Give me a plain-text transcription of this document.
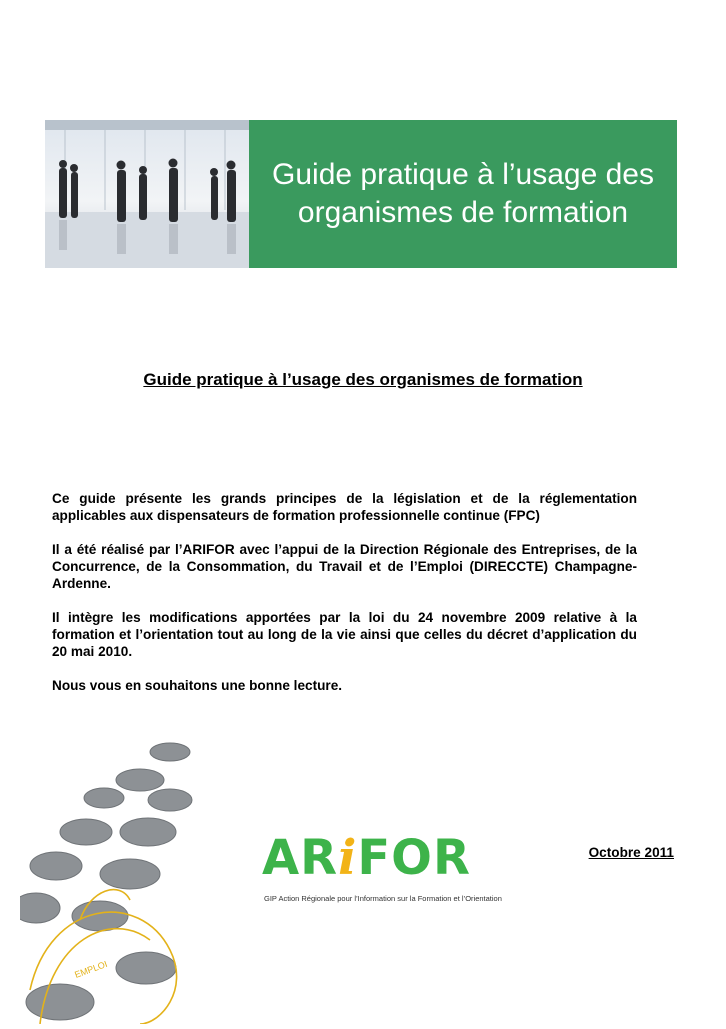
Guide pratique à l’usage des organismes de formation
Guide pratique à l’usage des organismes de formation

Ce guide présente les grands principes de la législation et de la réglementation applicables aux dispensateurs de formation professionnelle continue (FPC)

Il a été réalisé par l’ARIFOR avec l’appui de la Direction Régionale des Entreprises, de la Concurrence, de la Consommation, du Travail et de l’Emploi (DIRECCTE) Champagne-Ardenne.

Il intègre les modifications apportées par la loi du 24 novembre 2009 relative à la formation et l’orientation tout au long de la vie ainsi que celles du décret d’application du 20 mai 2010.

Nous vous en souhaitons une bonne lecture.

Octobre 2011
ARiFOR
GIP Action Régionale pour l’Information sur la Formation et l’Orientation
EMPLOI
